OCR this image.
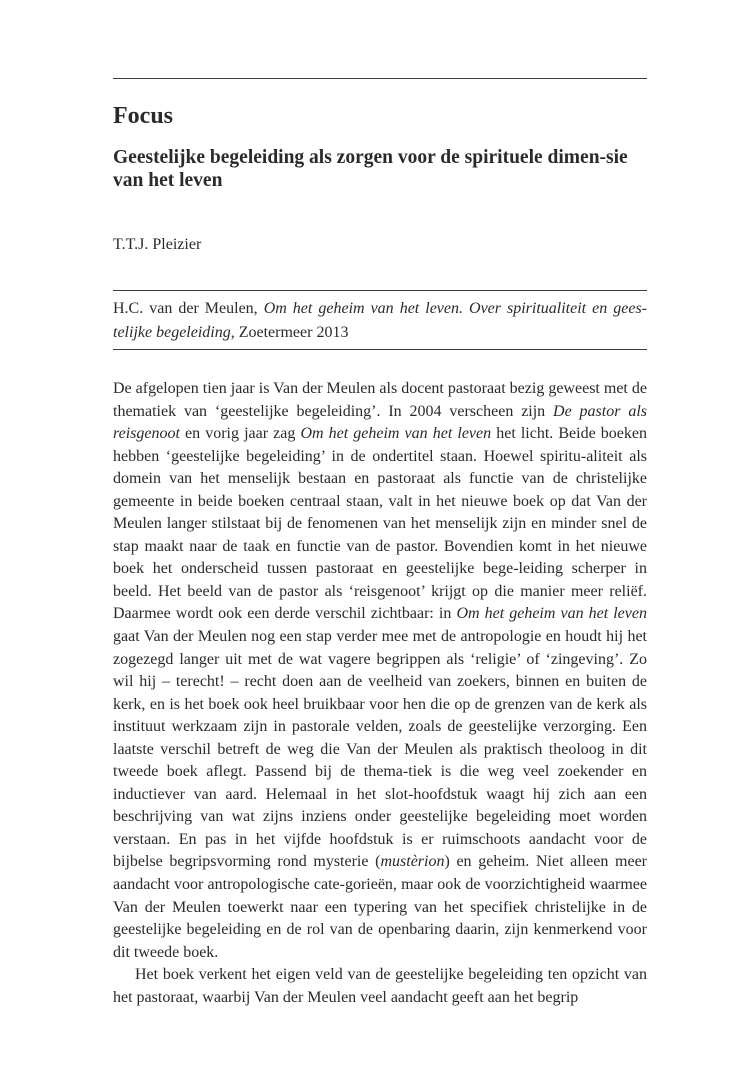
Focus
Geestelijke begeleiding als zorgen voor de spirituele dimen-sie van het leven
T.T.J. Pleizier
H.C. van der Meulen, Om het geheim van het leven. Over spiritualiteit en gees-telijke begeleiding, Zoetermeer 2013

De afgelopen tien jaar is Van der Meulen als docent pastoraat bezig geweest met de thematiek van ‘geestelijke begeleiding’. In 2004 verscheen zijn De pastor als reisgenoot en vorig jaar zag Om het geheim van het leven het licht. Beide boeken hebben ‘geestelijke begeleiding’ in de ondertitel staan. Hoewel spiritu-aliteit als domein van het menselijk bestaan en pastoraat als functie van de christelijke gemeente in beide boeken centraal staan, valt in het nieuwe boek op dat Van der Meulen langer stilstaat bij de fenomenen van het menselijk zijn en minder snel de stap maakt naar de taak en functie van de pastor. Bovendien komt in het nieuwe boek het onderscheid tussen pastoraat en geestelijke bege-leiding scherper in beeld. Het beeld van de pastor als ‘reisgenoot’ krijgt op die manier meer reliëf. Daarmee wordt ook een derde verschil zichtbaar: in Om het geheim van het leven gaat Van der Meulen nog een stap verder mee met de antropologie en houdt hij het zogezegd langer uit met de wat vagere begrippen als ‘religie’ of ‘zingeving’. Zo wil hij – terecht! – recht doen aan de veelheid van zoekers, binnen en buiten de kerk, en is het boek ook heel bruikbaar voor hen die op de grenzen van de kerk als instituut werkzaam zijn in pastorale velden, zoals de geestelijke verzorging. Een laatste verschil betreft de weg die Van der Meulen als praktisch theoloog in dit tweede boek aflegt. Passend bij de thema-tiek is die weg veel zoekender en inductiever van aard. Helemaal in het slot-hoofdstuk waagt hij zich aan een beschrijving van wat zijns inziens onder geestelijke begeleiding moet worden verstaan. En pas in het vijfde hoofdstuk is er ruimschoots aandacht voor de bijbelse begripsvorming rond mysterie (mustèrion) en geheim. Niet alleen meer aandacht voor antropologische cate-gorieën, maar ook de voorzichtigheid waarmee Van der Meulen toewerkt naar een typering van het specifiek christelijke in de geestelijke begeleiding en de rol van de openbaring daarin, zijn kenmerkend voor dit tweede boek.

Het boek verkent het eigen veld van de geestelijke begeleiding ten opzicht van het pastoraat, waarbij Van der Meulen veel aandacht geeft aan het begrip
